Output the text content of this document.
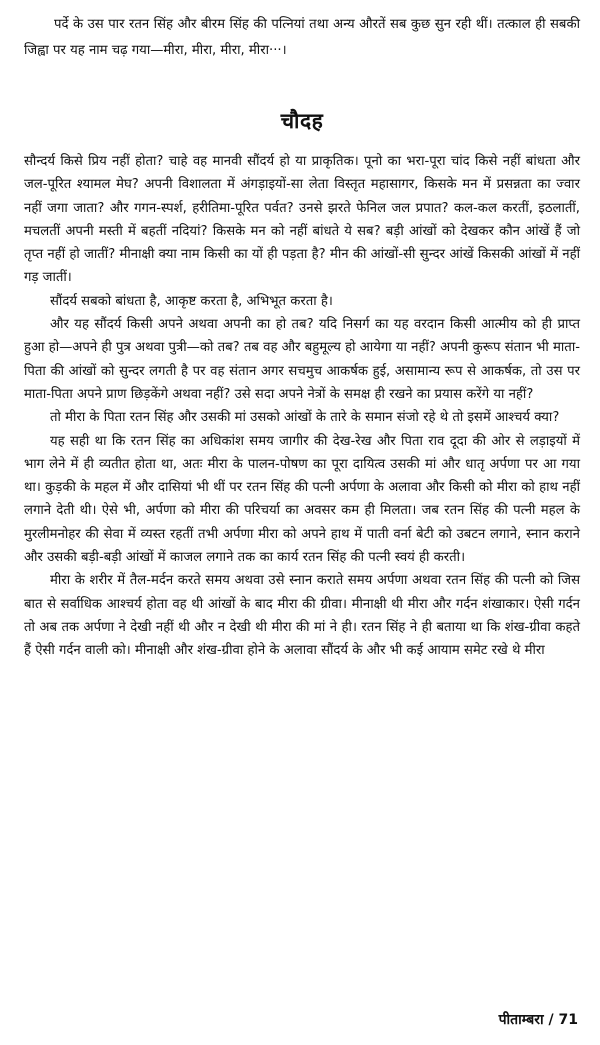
पर्दे के उस पार रतन सिंह और बीरम सिंह की पत्नियां तथा अन्य औरतें सब कुछ सुन रही थीं। तत्काल ही सबकी जिह्वा पर यह नाम चढ़ गया—मीरा, मीरा, मीरा, मीरा···।

चौदह

सौन्दर्य किसे प्रिय नहीं होता? चाहे वह मानवी सौंदर्य हो या प्राकृतिक। पूनो का भरा-पूरा चांद किसे नहीं बांधता और जल-पूरित श्यामल मेघ? अपनी विशालता में अंगड़ाइयों-सा लेता विस्तृत महासागर, किसके मन में प्रसन्नता का ज्वार नहीं जगा जाता? और गगन-स्पर्श, हरीतिमा-पूरित पर्वत? उनसे झरते फेनिल जल प्रपात? कल-कल करतीं, इठलातीं, मचलतीं अपनी मस्ती में बहतीं नदियां? किसके मन को नहीं बांधते ये सब? बड़ी आंखों को देखकर कौन आंखें हैं जो तृप्त नहीं हो जातीं? मीनाक्षी क्या नाम किसी का यों ही पड़ता है? मीन की आंखों-सी सुन्दर आंखें किसकी आंखों में नहीं गड़ जातीं।

सौंदर्य सबको बांधता है, आकृष्ट करता है, अभिभूत करता है।

और यह सौंदर्य किसी अपने अथवा अपनी का हो तब? यदि निसर्ग का यह वरदान किसी आत्मीय को ही प्राप्त हुआ हो—अपने ही पुत्र अथवा पुत्री—को तब? तब वह और बहुमूल्य हो आयेगा या नहीं? अपनी कुरूप संतान भी माता-पिता की आंखों को सुन्दर लगती है पर वह संतान अगर सचमुच आकर्षक हुई, असामान्य रूप से आकर्षक, तो उस पर माता-पिता अपने प्राण छिड़केंगे अथवा नहीं? उसे सदा अपने नेत्रों के समक्ष ही रखने का प्रयास करेंगे या नहीं?

तो मीरा के पिता रतन सिंह और उसकी मां उसको आंखों के तारे के समान संजो रहे थे तो इसमें आश्चर्य क्या?

यह सही था कि रतन सिंह का अधिकांश समय जागीर की देख-रेख और पिता राव दूदा की ओर से लड़ाइयों में भाग लेने में ही व्यतीत होता था, अतः मीरा के पालन-पोषण का पूरा दायित्व उसकी मां और धातृ अर्पणा पर आ गया था। कुड़की के महल में और दासियां भी थीं पर रतन सिंह की पत्नी अर्पणा के अलावा और किसी को मीरा को हाथ नहीं लगाने देती थी। ऐसे भी, अर्पणा को मीरा की परिचर्या का अवसर कम ही मिलता। जब रतन सिंह की पत्नी महल के मुरलीमनोहर की सेवा में व्यस्त रहतीं तभी अर्पणा मीरा को अपने हाथ में पाती वर्ना बेटी को उबटन लगाने, स्नान कराने और उसकी बड़ी-बड़ी आंखों में काजल लगाने तक का कार्य रतन सिंह की पत्नी स्वयं ही करती।

मीरा के शरीर में तैल-मर्दन करते समय अथवा उसे स्नान कराते समय अर्पणा अथवा रतन सिंह की पत्नी को जिस बात से सर्वाधिक आश्चर्य होता वह थी आंखों के बाद मीरा की ग्रीवा। मीनाक्षी थी मीरा और गर्दन शंखाकार। ऐसी गर्दन तो अब तक अर्पणा ने देखी नहीं थी और न देखी थी मीरा की मां ने ही। रतन सिंह ने ही बताया था कि शंख-ग्रीवा कहते हैं ऐसी गर्दन वाली को। मीनाक्षी और शंख-ग्रीवा होने के अलावा सौंदर्य के और भी कई आयाम समेट रखे थे मीरा

पीताम्बरा / 71
